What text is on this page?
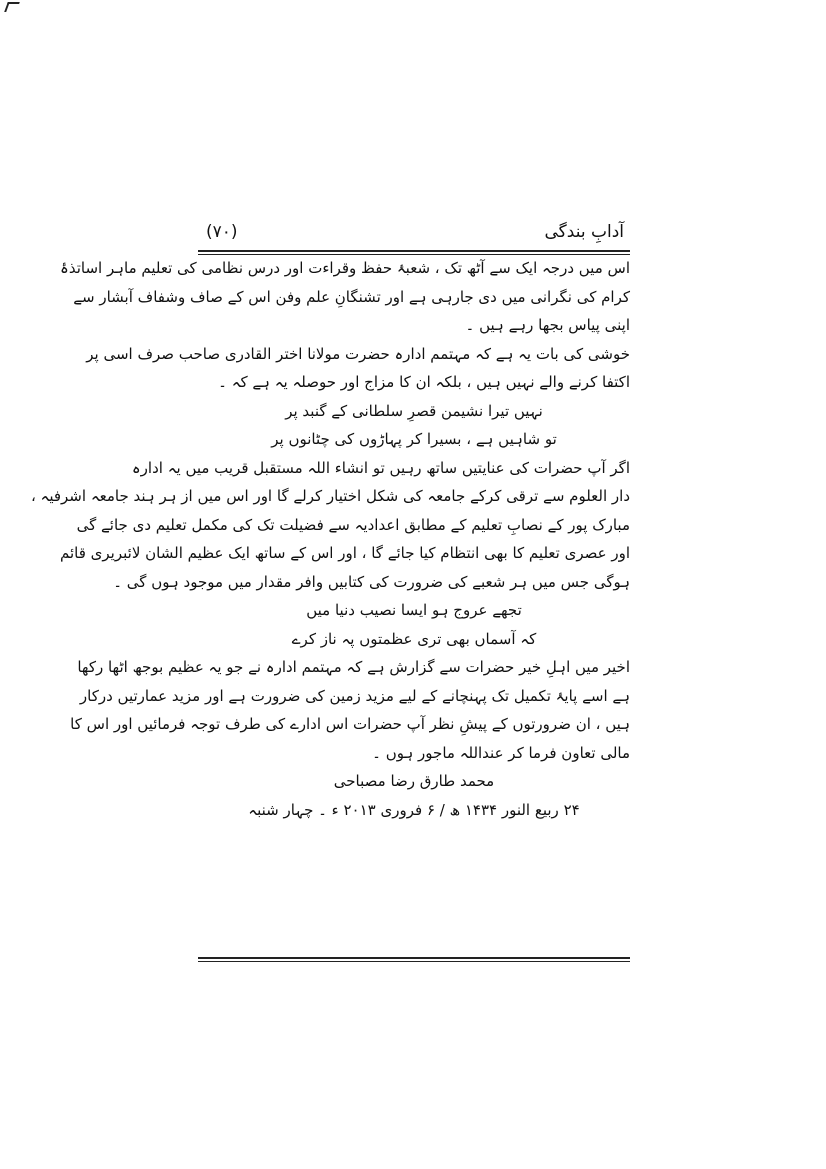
آدابِ بندگی
(۷۰)
اس میں درجہ ایک سے آٹھ تک ، شعبۂ حفظ وقراءت اور درس نظامی کی تعلیم ماہر اساتذۂ
کرام کی نگرانی میں دی جارہی ہے اور تشنگانِ علم وفن اس کے صاف وشفاف آبشار سے
اپنی پیاس بجھا رہے ہیں ۔
خوشی کی بات یہ ہے کہ مہتمم ادارہ حضرت مولانا اختر القادری صاحب صرف اسی پر
اکتفا کرنے والے نہیں ہیں ، بلکہ ان کا مزاج اور حوصلہ یہ ہے کہ ۔
نہیں تیرا نشیمن قصرِ سلطانی کے گنبد پر
تو شاہیں ہے ، بسیرا کر پہاڑوں کی چٹانوں پر
اگر آپ حضرات کی عنایتیں ساتھ رہیں تو انشاء اللہ مستقبل قریب میں یہ ادارہ
دار العلوم سے ترقی کرکے جامعہ کی شکل اختیار کرلے گا اور اس میں از ہر ہند جامعہ اشرفیہ ،
مبارک پور کے نصابِ تعلیم کے مطابق اعدادیہ سے فضیلت تک کی مکمل تعلیم دی جائے گی
اور عصری تعلیم کا بھی انتظام کیا جائے گا ، اور اس کے ساتھ ایک عظیم الشان لائبریری قائم
ہوگی جس میں ہر شعبے کی ضرورت کی کتابیں وافر مقدار میں موجود ہوں گی ۔
تجھے عروج ہو ایسا نصیب دنیا میں
کہ آسماں بھی تری عظمتوں پہ ناز کرے
اخیر میں اہلِ خیر حضرات سے گزارش ہے کہ مہتمم ادارہ نے جو یہ عظیم بوجھ اٹھا رکھا
ہے اسے پایۂ تکمیل تک پہنچانے کے لیے مزید زمین کی ضرورت ہے اور مزید عمارتیں درکار
ہیں ، ان ضرورتوں کے پیشِ نظر آپ حضرات اس ادارے کی طرف توجہ فرمائیں اور اس کا
مالی تعاون فرما کر عنداللہ ماجور ہوں ۔
محمد طارق رضا مصباحی
۲۴ ربیع النور ۱۴۳۴ ھ / ۶ فروری ۲۰۱۳ ء ۔ چہار شنبہ
